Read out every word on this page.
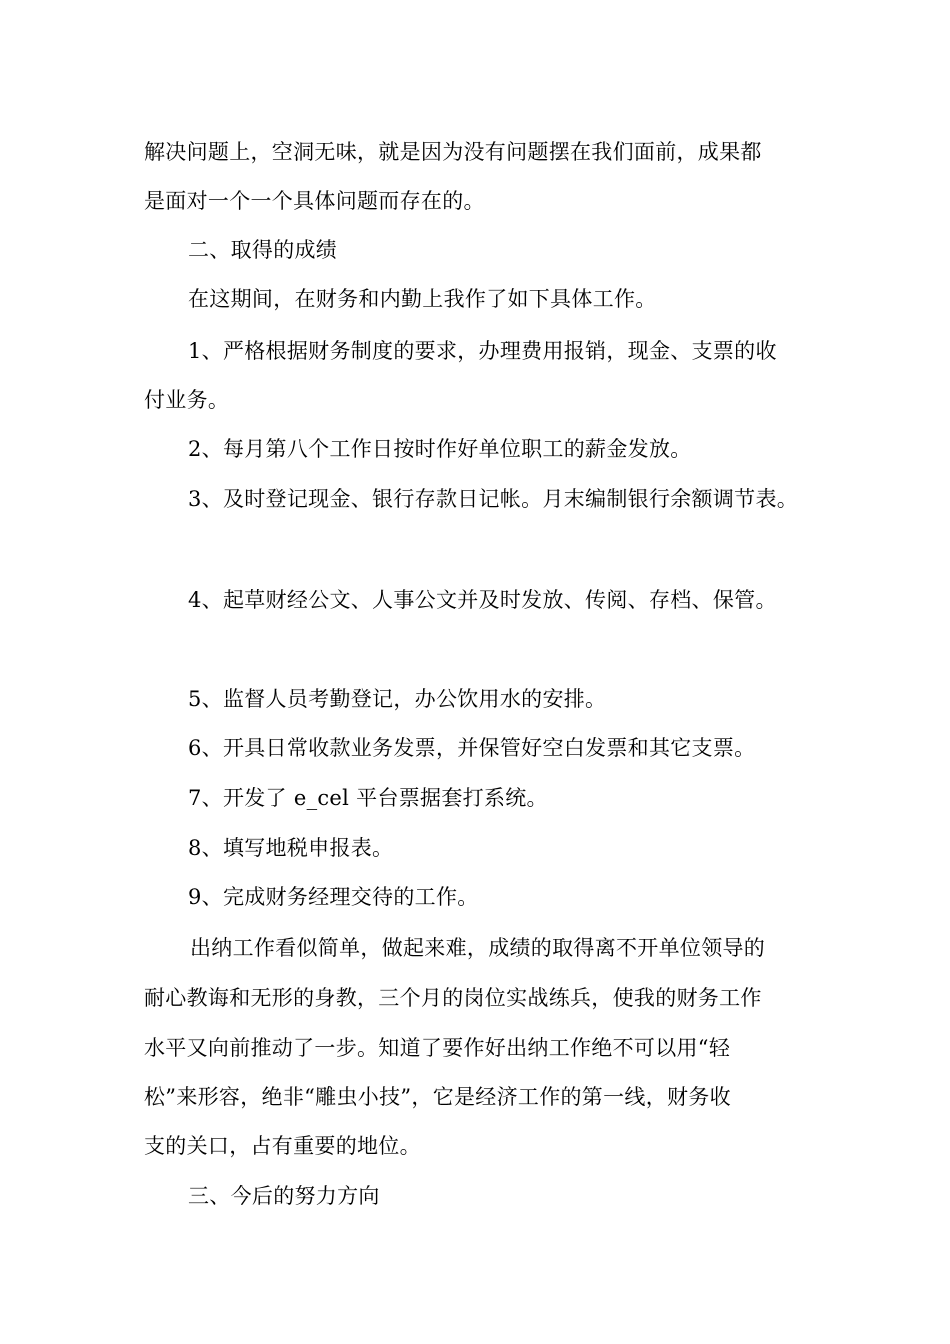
解决问题上，空洞无味，就是因为没有问题摆在我们面前，成果都
是面对一个一个具体问题而存在的。
二、取得的成绩
在这期间，在财务和内勤上我作了如下具体工作。
1、严格根据财务制度的要求，办理费用报销，现金、支票的收
付业务。
2、每月第八个工作日按时作好单位职工的薪金发放。
3、及时登记现金、银行存款日记帐。月末编制银行余额调节表。
4、起草财经公文、人事公文并及时发放、传阅、存档、保管。
5、监督人员考勤登记，办公饮用水的安排。
6、开具日常收款业务发票，并保管好空白发票和其它支票。
7、开发了 e_cel 平台票据套打系统。
8、填写地税申报表。
9、完成财务经理交待的工作。
出纳工作看似简单，做起来难，成绩的取得离不开单位领导的
耐心教诲和无形的身教，三个月的岗位实战练兵，使我的财务工作
水平又向前推动了一步。知道了要作好出纳工作绝不可以用“轻
松”来形容，绝非“雕虫小技”，它是经济工作的第一线，财务收
支的关口，占有重要的地位。
三、今后的努力方向
